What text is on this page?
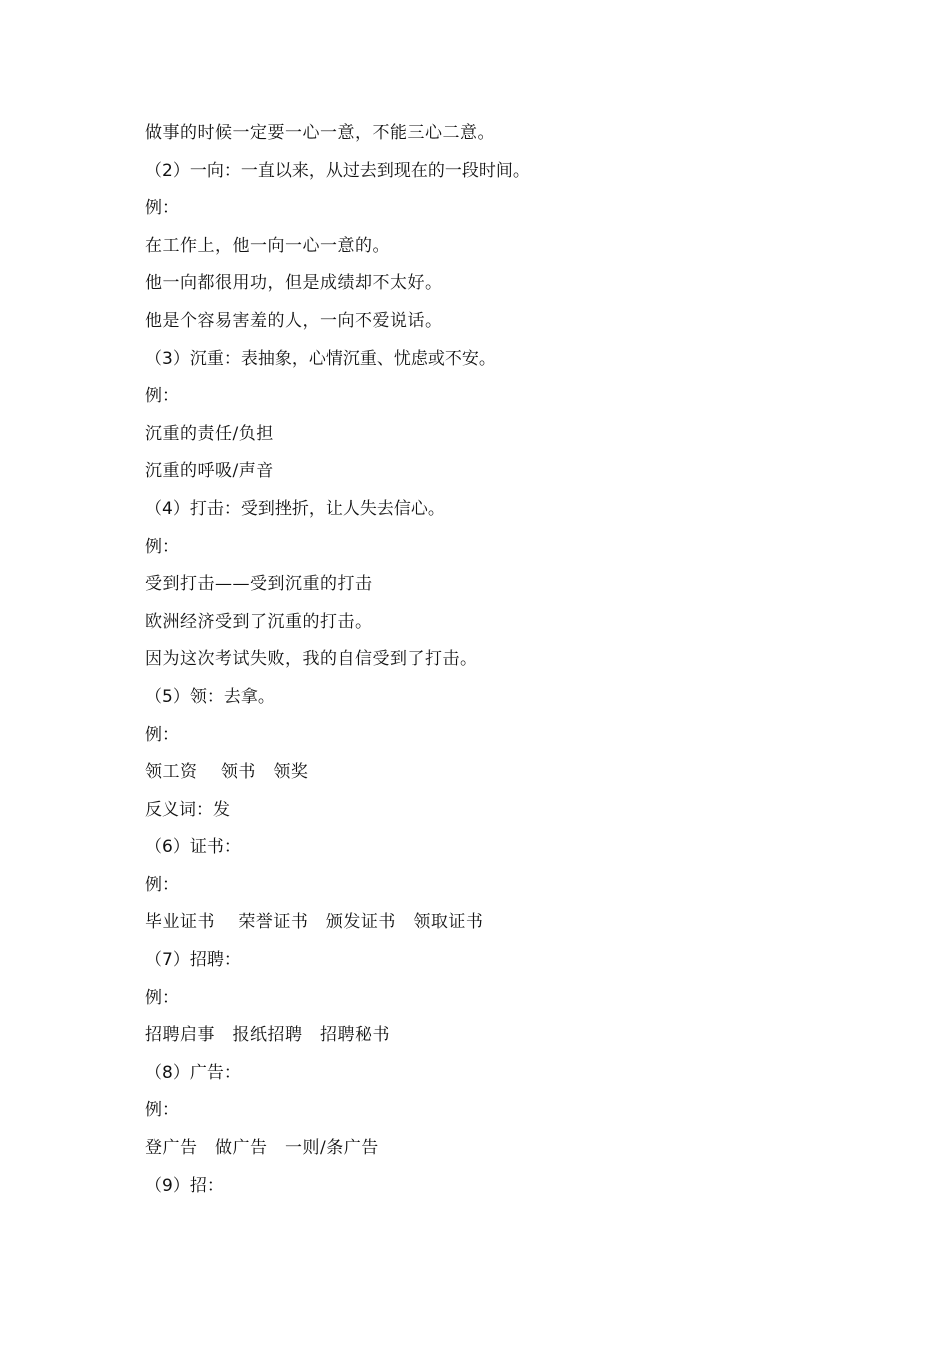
做事的时候一定要一心一意，不能三心二意。
（2）一向：一直以来，从过去到现在的一段时间。
例：
在工作上，他一向一心一意的。
他一向都很用功，但是成绩却不太好。
他是个容易害羞的人，一向不爱说话。
（3）沉重：表抽象，心情沉重、忧虑或不安。
例：
沉重的责任/负担
沉重的呼吸/声音
（4）打击：受到挫折，让人失去信心。
例：
受到打击——受到沉重的打击
欧洲经济受到了沉重的打击。
因为这次考试失败，我的自信受到了打击。
（5）领：去拿。
例：
领工资　 领书　领奖
反义词：发
（6）证书：
例：
毕业证书　 荣誉证书　颁发证书　领取证书
（7）招聘：
例：
招聘启事　报纸招聘　招聘秘书
（8）广告：
例：
登广告　做广告　一则/条广告
（9）招：
